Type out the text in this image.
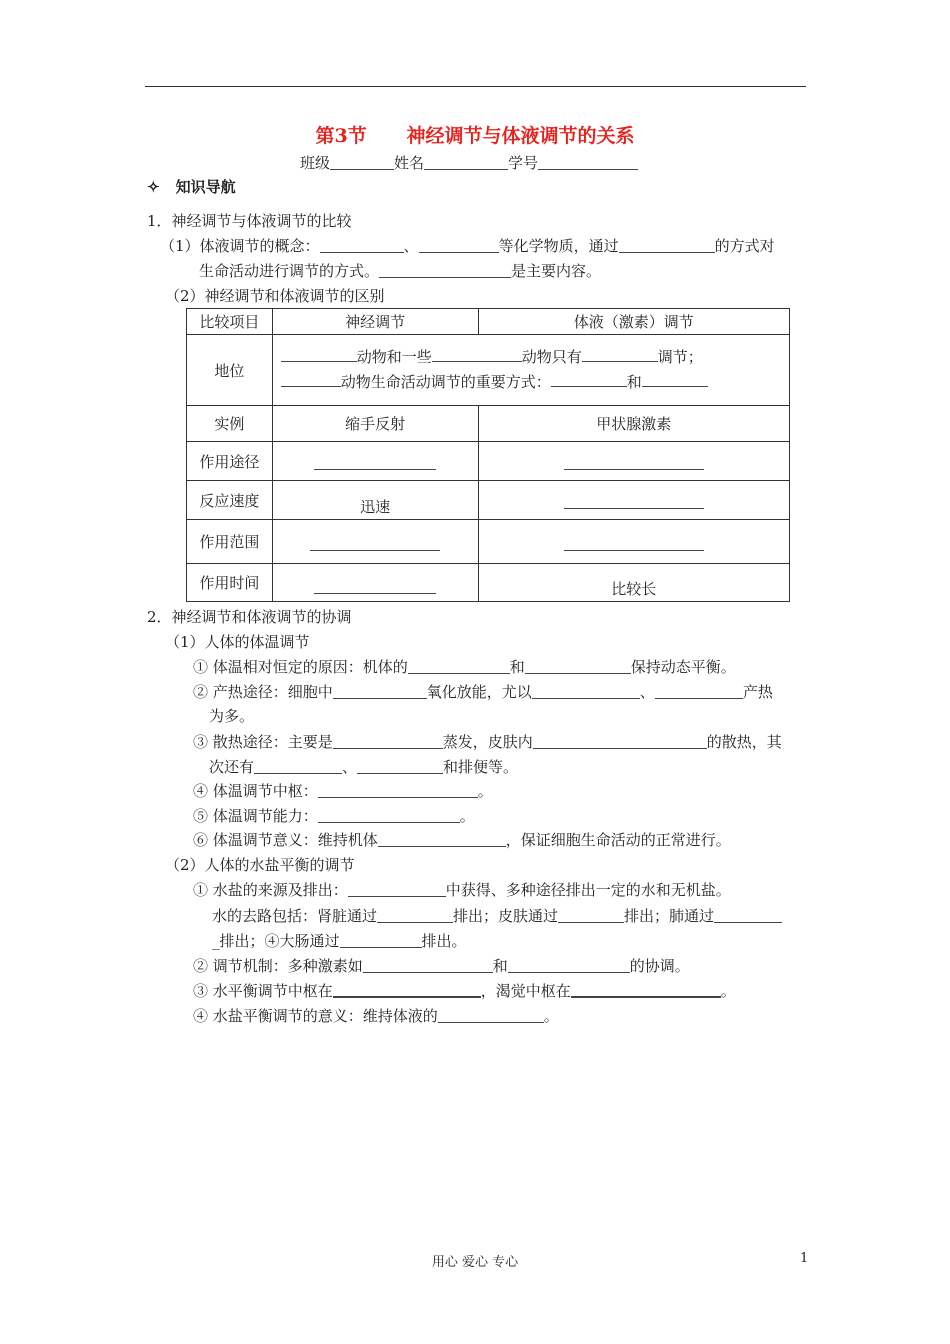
第3节      神经调节与体液调节的关系
班级	姓名	学号
✧ 知识导航
1．神经调节与体液调节的比较
（1）体液调节的概念：	、	等化学物质，通过	的方式对
生命活动进行调节的方式。	是主要内容。
（2）神经调节和体液调节的区别
比较项目	神经调节	体液（激素）调节
地位	动物和一些 动物只有 调节；
动物生命活动调节的重要方式： 和	

实例	缩手反射	甲状腺激素
作用途径		
反应速度	迅速	
作用范围		
作用时间		比较长
2．神经调节和体液调节的协调
（1）人体的体温调节
① 体温相对恒定的原因：机体的	和	保持动态平衡。
② 产热途径：细胞中	氧化放能，尤以	、	产热
为多。
③ 散热途径：主要是	蒸发，皮肤内	的散热，其
次还有	、	和排便等。
④ 体温调节中枢：	。
⑤ 体温调节能力：	。
⑥ 体温调节意义：维持机体	，保证细胞生命活动的正常进行。
（2）人体的水盐平衡的调节
① 水盐的来源及排出：	中获得、多种途径排出一定的水和无机盐。
水的去路包括：肾脏通过	排出；皮肤通过	排出；肺通过
_排出；④大肠通过	排出。
② 调节机制：多种激素如	和	的协调。
③ 水平衡调节中枢在	，渴觉中枢在	。
④ 水盐平衡调节的意义：维持体液的	。
用心 爱心 专心	1
